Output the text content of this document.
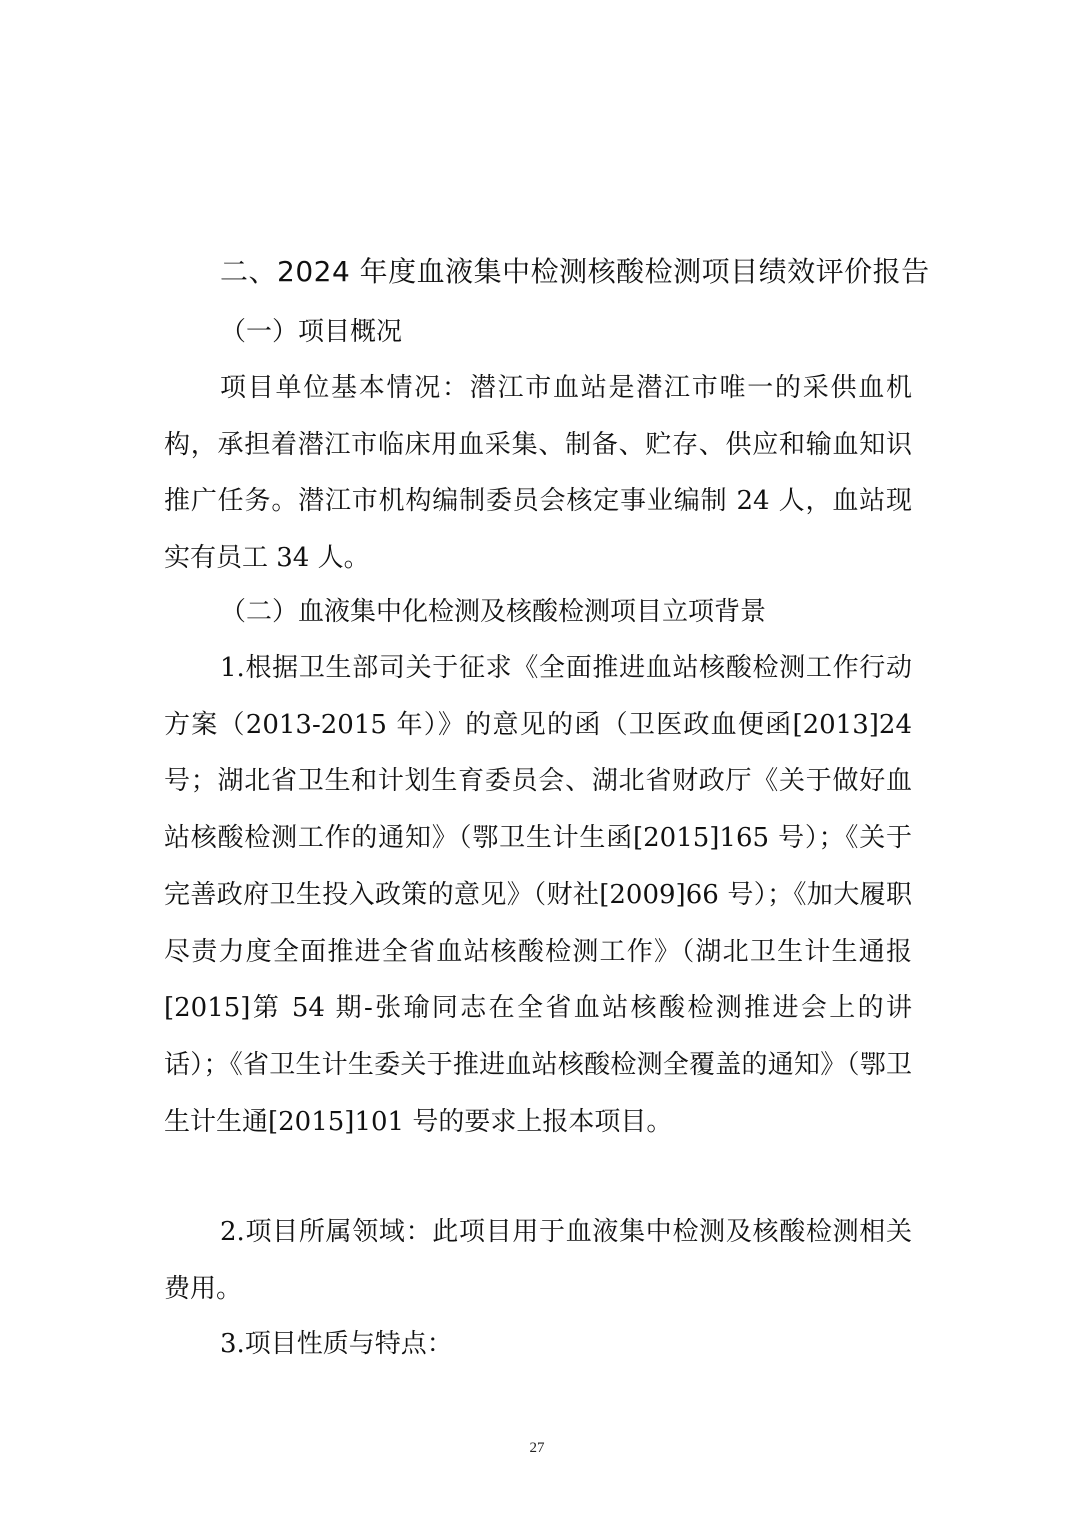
二、2024 年度血液集中检测核酸检测项目绩效评价报告
（一）项目概况

项目单位基本情况：潜江市血站是潜江市唯一的采供血机构，承担着潜江市临床用血采集、制备、贮存、供应和输血知识推广任务。潜江市机构编制委员会核定事业编制 24 人，血站现实有员工 34 人。

（二）血液集中化检测及核酸检测项目立项背景

1.根据卫生部司关于征求《全面推进血站核酸检测工作行动方案（2013-2015 年）》的意见的函（卫医政血便函[2013]24 号；湖北省卫生和计划生育委员会、湖北省财政厅《关于做好血站核酸检测工作的通知》（鄂卫生计生函[2015]165 号）；《关于完善政府卫生投入政策的意见》（财社[2009]66 号）；《加大履职尽责力度全面推进全省血站核酸检测工作》（湖北卫生计生通报[2015]第 54 期-张瑜同志在全省血站核酸检测推进会上的讲话）；《省卫生计生委关于推进血站核酸检测全覆盖的通知》（鄂卫生计生通[2015]101 号的要求上报本项目。

2.项目所属领域：此项目用于血液集中检测及核酸检测相关费用。

3.项目性质与特点：

27
